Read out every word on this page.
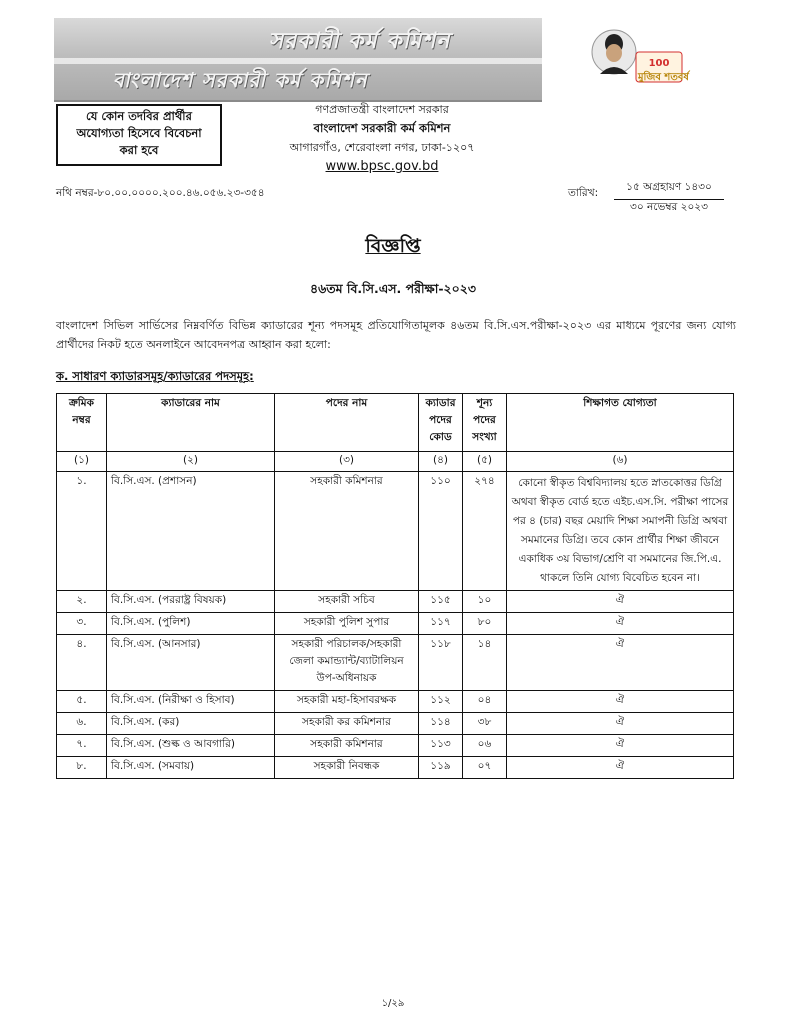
সরকারী কর্ম কমিশন
বাংলাদেশ সরকারী কর্ম কমিশন
100
মুজিব শতবর্ষ
যে কোন তদবির প্রার্থীর
অযোগ্যতা হিসেবে বিবেচনা
করা হবে
গণপ্রজাতন্ত্রী বাংলাদেশ সরকার
বাংলাদেশ সরকারী কর্ম কমিশন
আগারগাঁও, শেরেবাংলা নগর, ঢাকা-১২০৭
www.bpsc.gov.bd
নথি নম্বর-৮০.০০.০০০০.২০০.৪৬.০৫৬.২৩-৩৫৪	তারিখ:	১৫ অগ্রহায়ণ ১৪৩০
৩০ নভেম্বর ২০২৩
বিজ্ঞপ্তি
৪৬তম বি.সি.এস. পরীক্ষা-২০২৩
বাংলাদেশ সিভিল সার্ভিসের নিম্নবর্ণিত বিভিন্ন ক্যাডারের শূন্য পদসমূহ প্রতিযোগিতামূলক ৪৬তম বি.সি.এস.পরীক্ষা-২০২৩ এর মাধ্যমে পূরণের জন্য যোগ্য প্রার্থীদের নিকট হতে অনলাইনে আবেদনপত্র আহ্বান করা হলো:
ক. সাধারণ ক্যাডারসমূহ/ক্যাডারের পদসমূহ:
ক্রমিক নম্বর	ক্যাডারের নাম	পদের নাম	ক্যাডার পদের কোড	শূন্য পদের সংখ্যা	শিক্ষাগত যোগ্যতা
(১)	(২)	(৩)	(৪)	(৫)	(৬)
১.	বি.সি.এস. (প্রশাসন)	সহকারী কমিশনার	১১০	২৭৪	কোনো স্বীকৃত বিশ্ববিদ্যালয় হতে স্নাতকোত্তর ডিগ্রি অথবা স্বীকৃত বোর্ড হতে এইচ.এস.সি. পরীক্ষা পাসের পর ৪ (চার) বছর মেয়াদি শিক্ষা সমাপনী ডিগ্রি অথবা সমমানের ডিগ্রি। তবে কোন প্রার্থীর শিক্ষা জীবনে একাধিক ৩য় বিভাগ/শ্রেণি বা সমমানের জি.পি.এ. থাকলে তিনি যোগ্য বিবেচিত হবেন না।
২.	বি.সি.এস. (পররাষ্ট্র বিষয়ক)	সহকারী সচিব	১১৫	১০	ঐ
৩.	বি.সি.এস. (পুলিশ)	সহকারী পুলিশ সুপার	১১৭	৮০	ঐ
৪.	বি.সি.এস. (আনসার)	সহকারী পরিচালক/সহকারী জেলা কমান্ড্যান্ট/ব্যাটালিয়ন উপ-অধিনায়ক	১১৮	১৪	ঐ
৫.	বি.সি.এস. (নিরীক্ষা ও হিসাব)	সহকারী মহা-হিসাবরক্ষক	১১২	০৪	ঐ
৬.	বি.সি.এস. (কর)	সহকারী কর কমিশনার	১১৪	৩৮	ঐ
৭.	বি.সি.এস. (শুল্ক ও আবগারি)	সহকারী কমিশনার	১১৩	০৬	ঐ
৮.	বি.সি.এস. (সমবায়)	সহকারী নিবন্ধক	১১৯	০৭	ঐ
১/২৯
